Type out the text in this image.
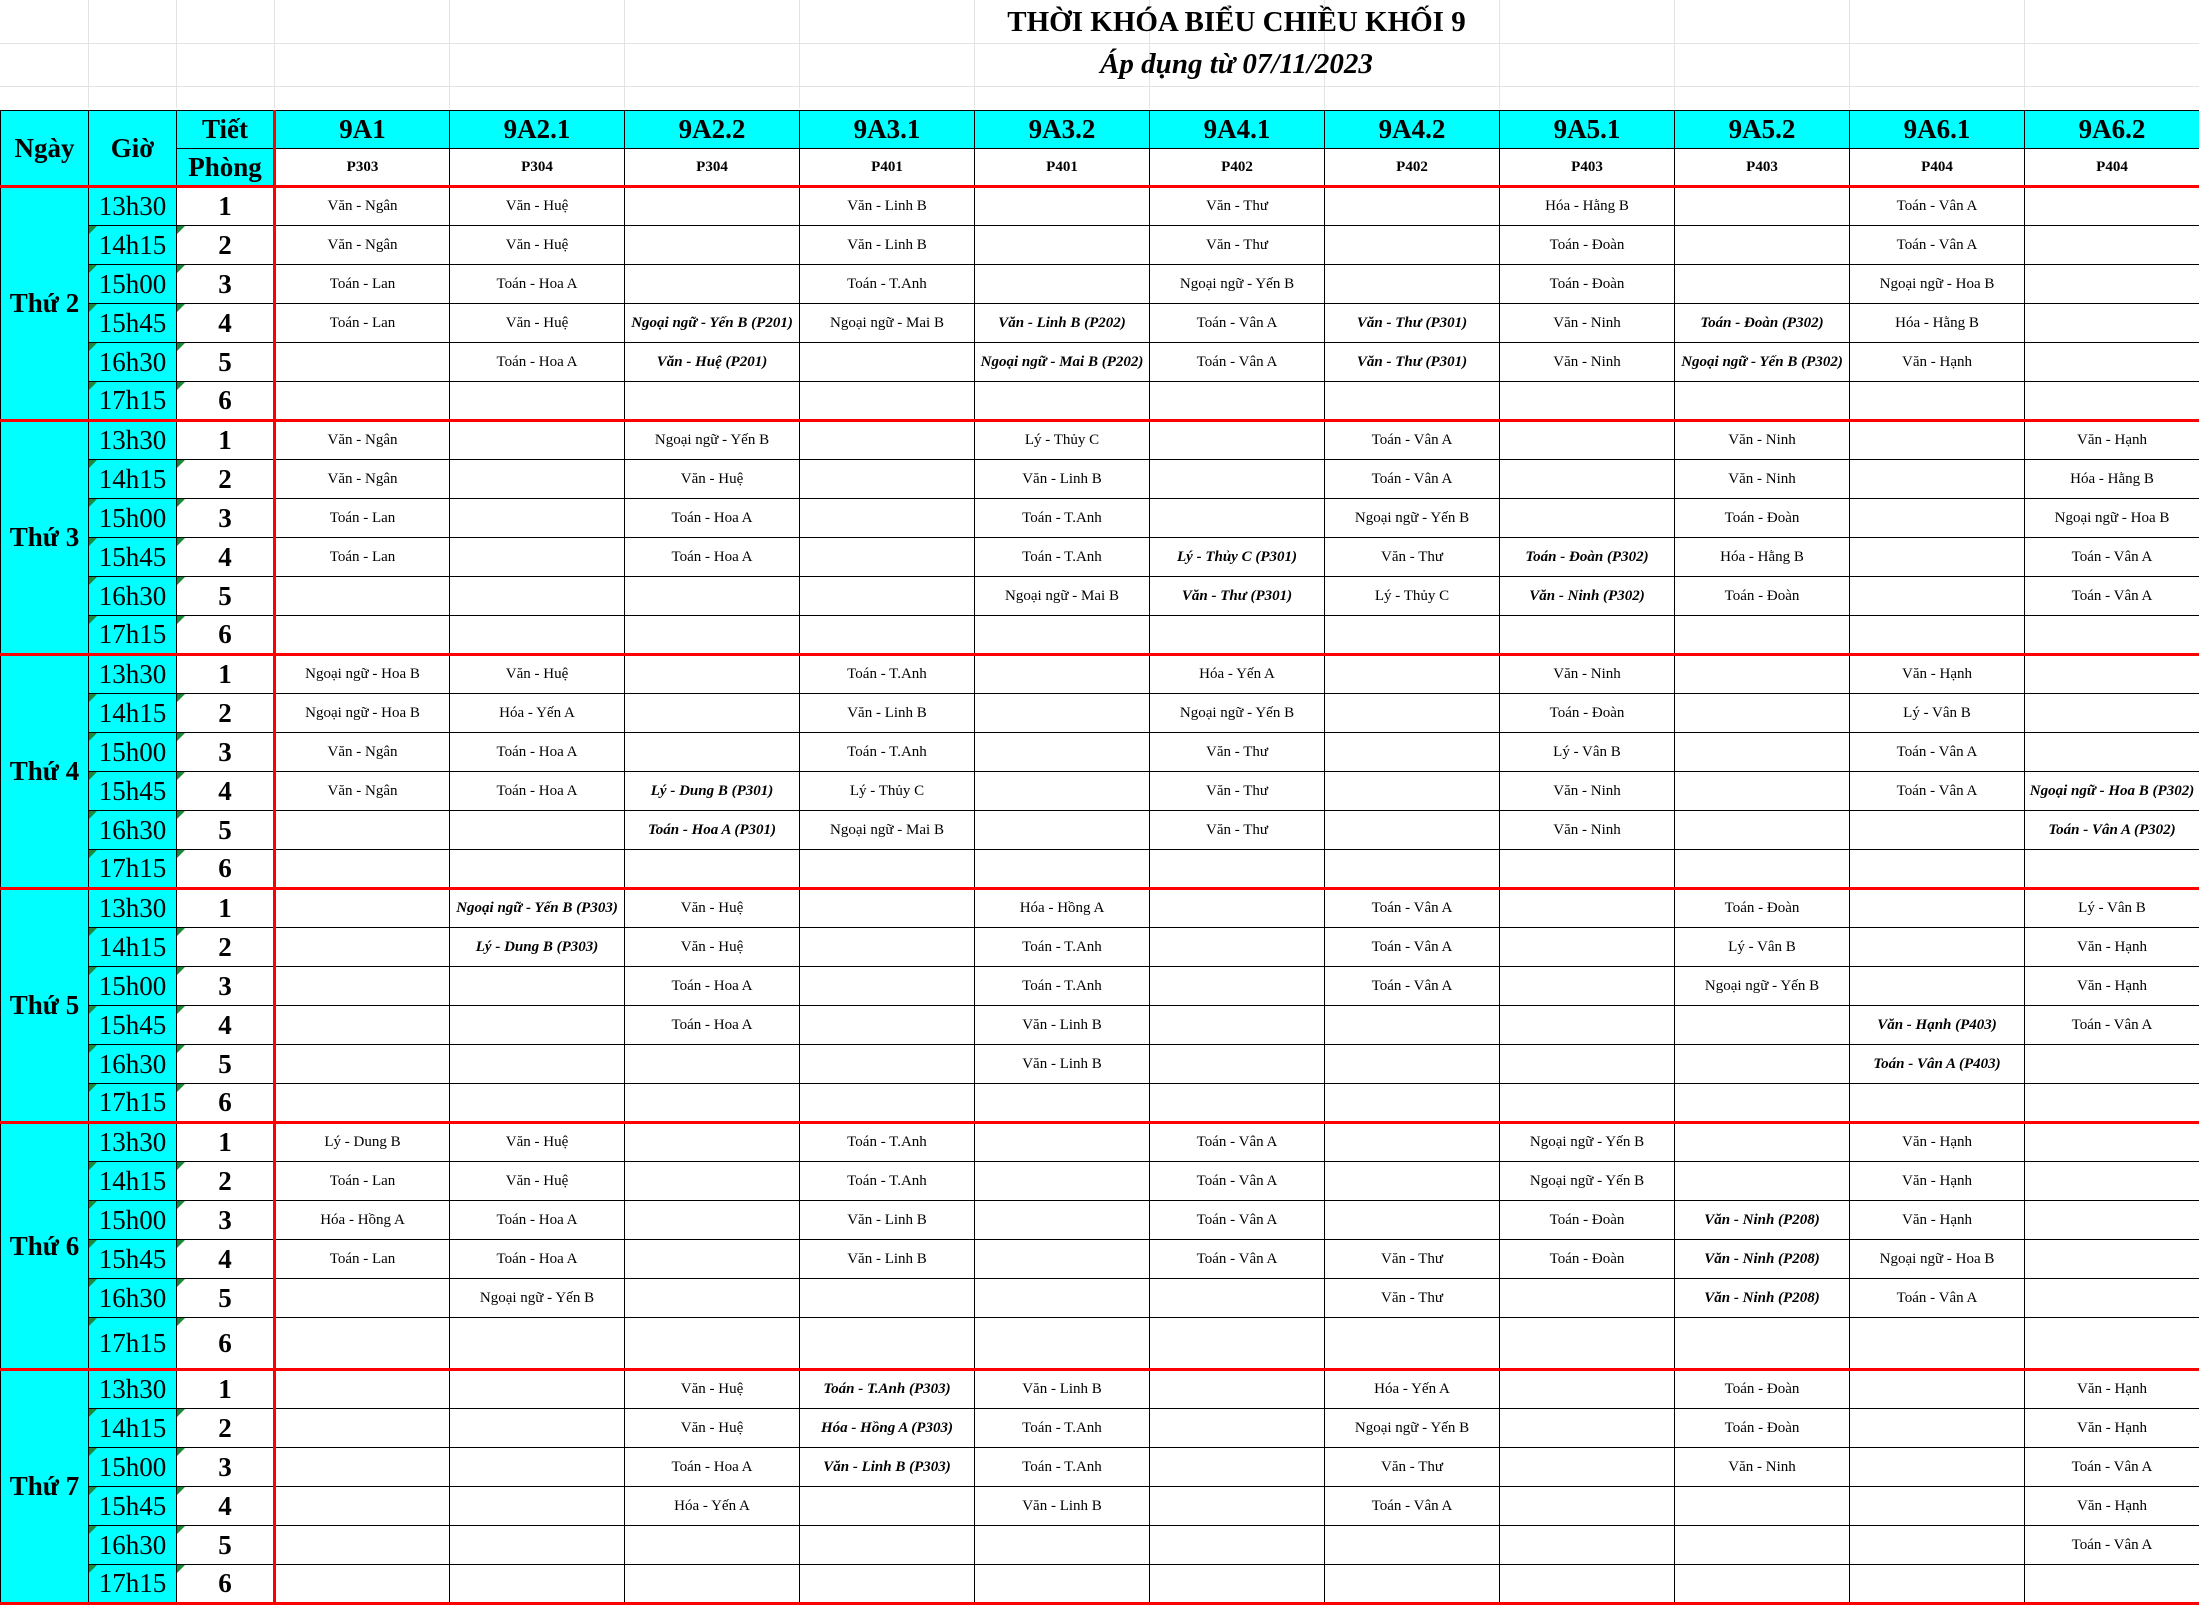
THỜI KHÓA BIỂU CHIỀU KHỐI 9
Áp dụng từ 07/11/2023
Ngày	Giờ	Tiết	9A1	9A2.1	9A2.2	9A3.1	9A3.2	9A4.1	9A4.2	9A5.1	9A5.2	9A6.1	9A6.2
		Phòng	P303	P304	P304	P401	P401	P402	P402	P403	P403	P404	P404
Thứ 2	13h30	1	Văn - Ngân	Văn - Huệ		Văn - Linh B		Văn - Thư		Hóa - Hằng B		Toán - Vân A	
	14h15	2	Văn - Ngân	Văn - Huệ		Văn - Linh B		Văn - Thư		Toán - Đoàn		Toán - Vân A	
	15h00	3	Toán - Lan	Toán - Hoa A		Toán - T.Anh		Ngoại ngữ - Yến B		Toán - Đoàn		Ngoại ngữ - Hoa B	
	15h45	4	Toán - Lan	Văn - Huệ	Ngoại ngữ - Yến B (P201)	Ngoại ngữ - Mai B	Văn - Linh B (P202)	Toán - Vân A	Văn - Thư (P301)	Văn - Ninh	Toán - Đoàn (P302)	Hóa - Hằng B	
	16h30	5		Toán - Hoa A	Văn - Huệ (P201)		Ngoại ngữ - Mai B (P202)	Toán - Vân A	Văn - Thư (P301)	Văn - Ninh	Ngoại ngữ - Yến B (P302)	Văn - Hạnh	
	17h15	6

Thứ 3	13h30	1	Văn - Ngân		Ngoại ngữ - Yến B		Lý - Thủy C		Toán - Vân A		Văn - Ninh		Văn - Hạnh
	14h15	2	Văn - Ngân		Văn - Huệ		Văn - Linh B		Toán - Vân A		Văn - Ninh		Hóa - Hằng B
	15h00	3	Toán - Lan		Toán - Hoa A		Toán - T.Anh		Ngoại ngữ - Yến B		Toán - Đoàn		Ngoại ngữ - Hoa B
	15h45	4	Toán - Lan		Toán - Hoa A		Toán - T.Anh	Lý - Thủy C (P301)	Văn - Thư	Toán - Đoàn (P302)	Hóa - Hằng B		Toán - Vân A
	16h30	5					Ngoại ngữ - Mai B	Văn - Thư (P301)	Lý - Thủy C	Văn - Ninh (P302)	Toán - Đoàn		Toán - Vân A
	17h15	6

Thứ 4	13h30	1	Ngoại ngữ - Hoa B	Văn - Huệ		Toán - T.Anh		Hóa - Yến A		Văn - Ninh		Văn - Hạnh	
	14h15	2	Ngoại ngữ - Hoa B	Hóa - Yến A		Văn - Linh B		Ngoại ngữ - Yến B		Toán - Đoàn		Lý - Vân B	
	15h00	3	Văn - Ngân	Toán - Hoa A		Toán - T.Anh		Văn - Thư		Lý - Vân B		Toán - Vân A	
	15h45	4	Văn - Ngân	Toán - Hoa A	Lý - Dung B (P301)	Lý - Thủy C		Văn - Thư		Văn - Ninh		Toán - Vân A	Ngoại ngữ - Hoa B (P302)
	16h30	5			Toán - Hoa A (P301)	Ngoại ngữ - Mai B		Văn - Thư		Văn - Ninh			Toán - Vân A (P302)
	17h15	6

Thứ 5	13h30	1		Ngoại ngữ - Yến B (P303)	Văn - Huệ		Hóa - Hồng A		Toán - Vân A		Toán - Đoàn		Lý - Vân B
	14h15	2		Lý - Dung B (P303)	Văn - Huệ		Toán - T.Anh		Toán - Vân A		Lý - Vân B		Văn - Hạnh
	15h00	3			Toán - Hoa A		Toán - T.Anh		Toán - Vân A		Ngoại ngữ - Yến B		Văn - Hạnh
	15h45	4			Toán - Hoa A		Văn - Linh B					Văn - Hạnh (P403)	Toán - Vân A
	16h30	5					Văn - Linh B					Toán - Vân A (P403)	
	17h15	6

Thứ 6	13h30	1	Lý - Dung B	Văn - Huệ		Toán - T.Anh		Toán - Vân A		Ngoại ngữ - Yến B		Văn - Hạnh	
	14h15	2	Toán - Lan	Văn - Huệ		Toán - T.Anh		Toán - Vân A		Ngoại ngữ - Yến B		Văn - Hạnh	
	15h00	3	Hóa - Hồng A	Toán - Hoa A		Văn - Linh B		Toán - Vân A		Toán - Đoàn	Văn - Ninh (P208)	Văn - Hạnh	
	15h45	4	Toán - Lan	Toán - Hoa A		Văn - Linh B		Toán - Vân A	Văn - Thư	Toán - Đoàn	Văn - Ninh (P208)	Ngoại ngữ - Hoa B	
	16h30	5		Ngoại ngữ - Yến B					Văn - Thư		Văn - Ninh (P208)	Toán - Vân A	
	17h15	6

Thứ 7	13h30	1			Văn - Huệ	Toán - T.Anh (P303)	Văn - Linh B		Hóa - Yến A		Toán - Đoàn		Văn - Hạnh
	14h15	2			Văn - Huệ	Hóa - Hồng A (P303)	Toán - T.Anh		Ngoại ngữ - Yến B		Toán - Đoàn		Văn - Hạnh
	15h00	3			Toán - Hoa A	Văn - Linh B (P303)	Toán - T.Anh		Văn - Thư		Văn - Ninh		Toán - Vân A
	15h45	4			Hóa - Yến A		Văn - Linh B		Toán - Vân A				Văn - Hạnh
	16h30	5											Toán - Vân A
	17h15	6
